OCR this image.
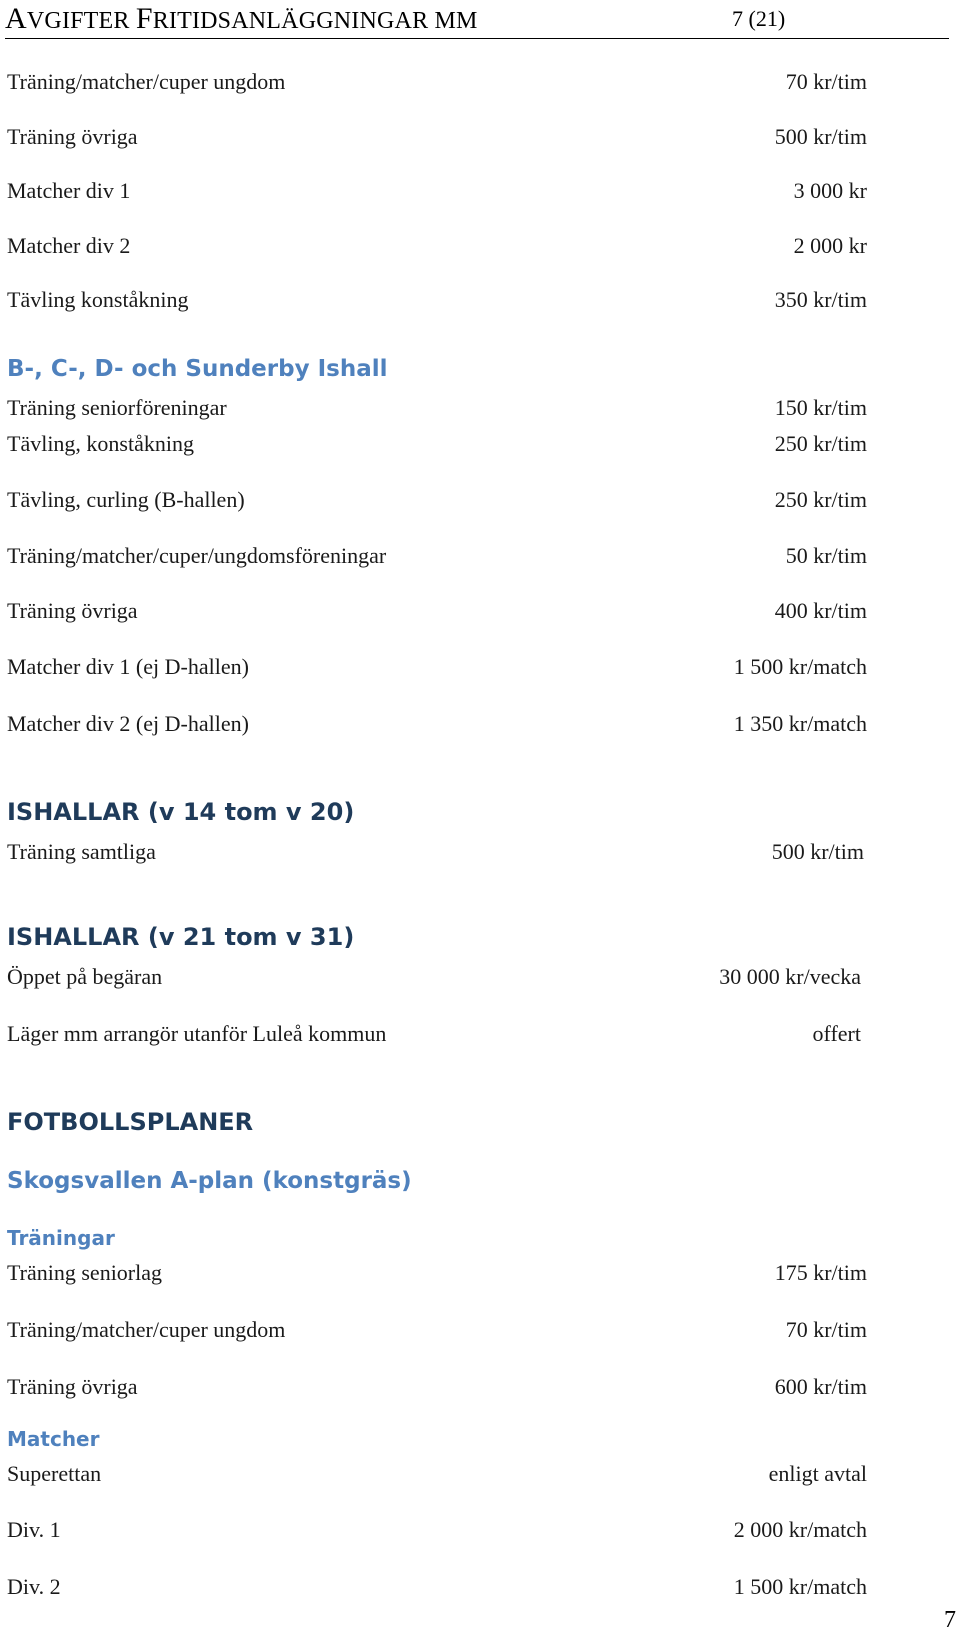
AVGIFTER FRITIDSANLÄGGNINGAR MM	7 (21)
Träning/matcher/cuper ungdom	70 kr/tim
Träning övriga	500 kr/tim
Matcher div 1	3 000 kr
Matcher div 2	2 000 kr
Tävling konståkning	350 kr/tim
B-, C-, D- och Sunderby Ishall
Träning seniorföreningar	150 kr/tim
Tävling, konståkning	250 kr/tim
Tävling, curling (B-hallen)	250 kr/tim
Träning/matcher/cuper/ungdomsföreningar	50 kr/tim
Träning övriga	400 kr/tim
Matcher div 1 (ej D-hallen)	1 500 kr/match
Matcher div 2 (ej D-hallen)	1 350 kr/match
ISHALLAR (v 14 tom v 20)
Träning samtliga	500 kr/tim
ISHALLAR (v 21 tom v 31)
Öppet på begäran	30 000 kr/vecka
Läger mm arrangör utanför Luleå kommun	offert
FOTBOLLSPLANER
Skogsvallen A-plan (konstgräs)
Träningar
Träning seniorlag	175 kr/tim
Träning/matcher/cuper ungdom	70 kr/tim
Träning övriga	600 kr/tim
Matcher
Superettan	enligt avtal
Div. 1	2 000 kr/match
Div. 2	1 500 kr/match
7
